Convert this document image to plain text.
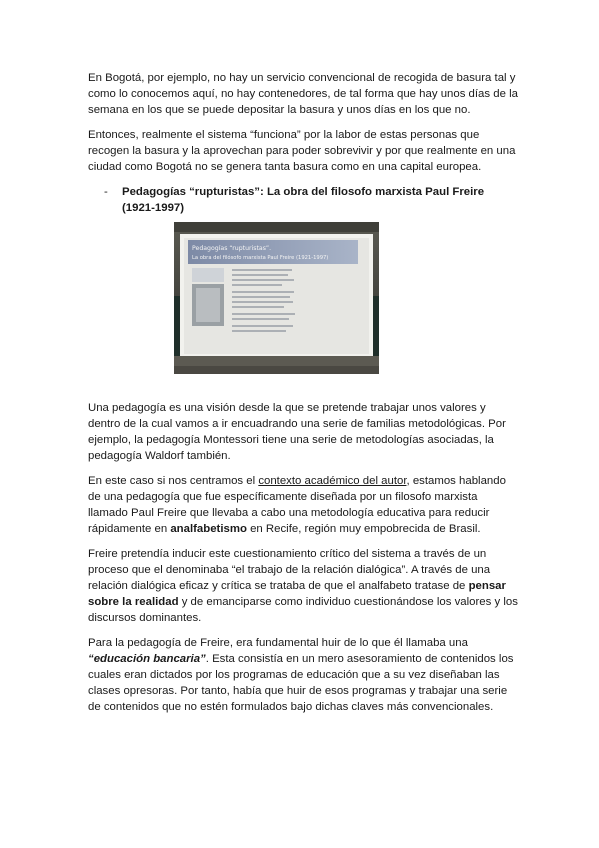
En Bogotá, por ejemplo, no hay un servicio convencional de recogida de basura tal y como lo conocemos aquí, no hay contenedores, de tal forma que hay unos días de la semana en los que se puede depositar la basura y unos días en los que no.

Entonces, realmente el sistema “funciona” por la labor de estas personas que recogen la basura y la aprovechan para poder sobrevivir y por que realmente en una ciudad como Bogotá no se genera tanta basura como en una capital europea.

- Pedagogías “rupturistas”: La obra del filosofo marxista Paul Freire (1921-1997)
Pedagogías “rupturistas”.
La obra del filósofo marxista Paul Freire (1921-1997)

Una pedagogía es una visión desde la que se pretende trabajar unos valores y dentro de la cual vamos a ir encuadrando una serie de familias metodológicas. Por ejemplo, la pedagogía Montessori tiene una serie de metodologías asociadas, la pedagogía Waldorf también.

En este caso si nos centramos el contexto académico del autor, estamos hablando de una pedagogía que fue específicamente diseñada por un filosofo marxista llamado Paul Freire que llevaba a cabo una metodología educativa para reducir rápidamente en analfabetismo en Recife, región muy empobrecida de Brasil.

Freire pretendía inducir este cuestionamiento crítico del sistema a través de un proceso que el denominaba “el trabajo de la relación dialógica”. A través de una relación dialógica eficaz y crítica se trataba de que el analfabeto tratase de pensar sobre la realidad y de emanciparse como individuo cuestionándose los valores y los discursos dominantes.

Para la pedagogía de Freire, era fundamental huir de lo que él llamaba una “educación bancaria”. Esta consistía en un mero asesoramiento de contenidos los cuales eran dictados por los programas de educación que a su vez diseñaban las clases opresoras. Por tanto, había que huir de esos programas y trabajar una serie de contenidos que no estén formulados bajo dichas claves más convencionales.
